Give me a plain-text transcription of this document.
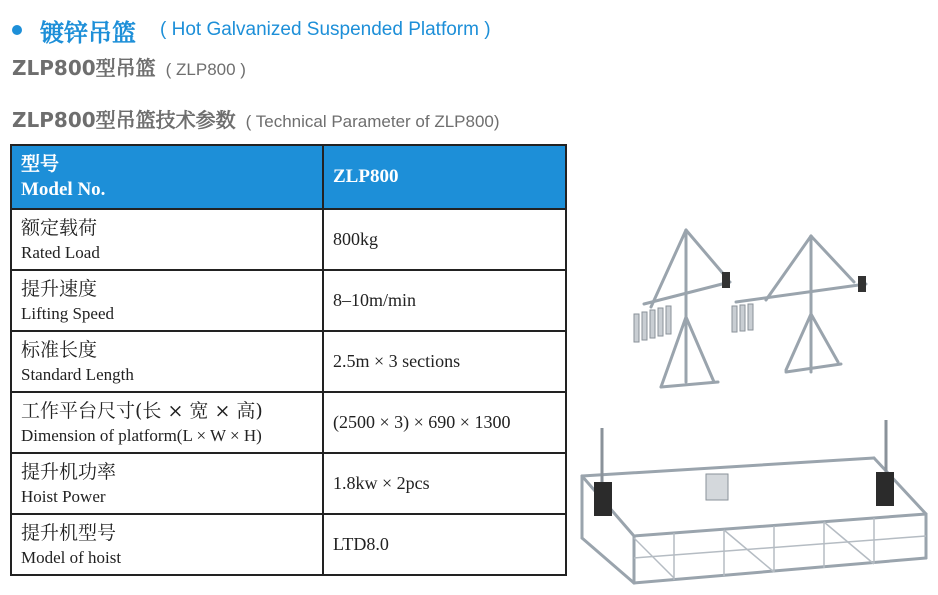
镀锌吊篮 ( Hot Galvanized Suspended Platform )
ZLP800型吊篮 ( ZLP800 )
ZLP800型吊篮技术参数 ( Technical Parameter of ZLP800)
型号
Model No.	ZLP800

额定载荷
Rated Load	800kg

提升速度
Lifting Speed	8–10m/min

标准长度
Standard Length	2.5m × 3 sections

工作平台尺寸(长 × 宽 × 高)
Dimension of platform(L × W × H)	(2500 × 3) × 690 × 1300

提升机功率
Hoist Power	1.8kw × 2pcs

提升机型号
Model of hoist	LTD8.0
